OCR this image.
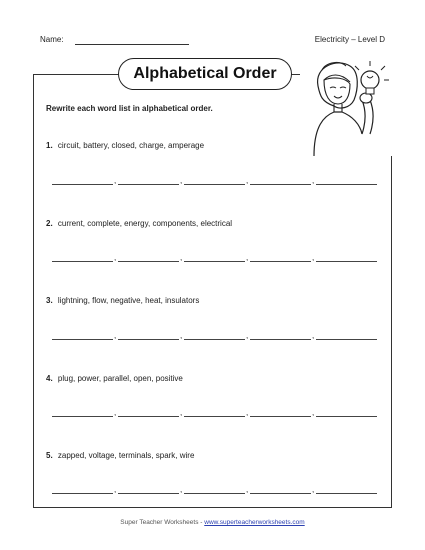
Name:	Electricity – Level D
Alphabetical Order
Rewrite each word list in alphabetical order.
1. circuit, battery, closed, charge, amperage
,	,	,	,
2. current, complete, energy, components, electrical
,	,	,	,
3. lightning, flow, negative, heat, insulators
,	,	,	,
4. plug, power, parallel, open, positive
,	,	,	,
5. zapped, voltage, terminals, spark, wire
,	,	,	,
Super Teacher Worksheets - www.superteacherworksheets.com
